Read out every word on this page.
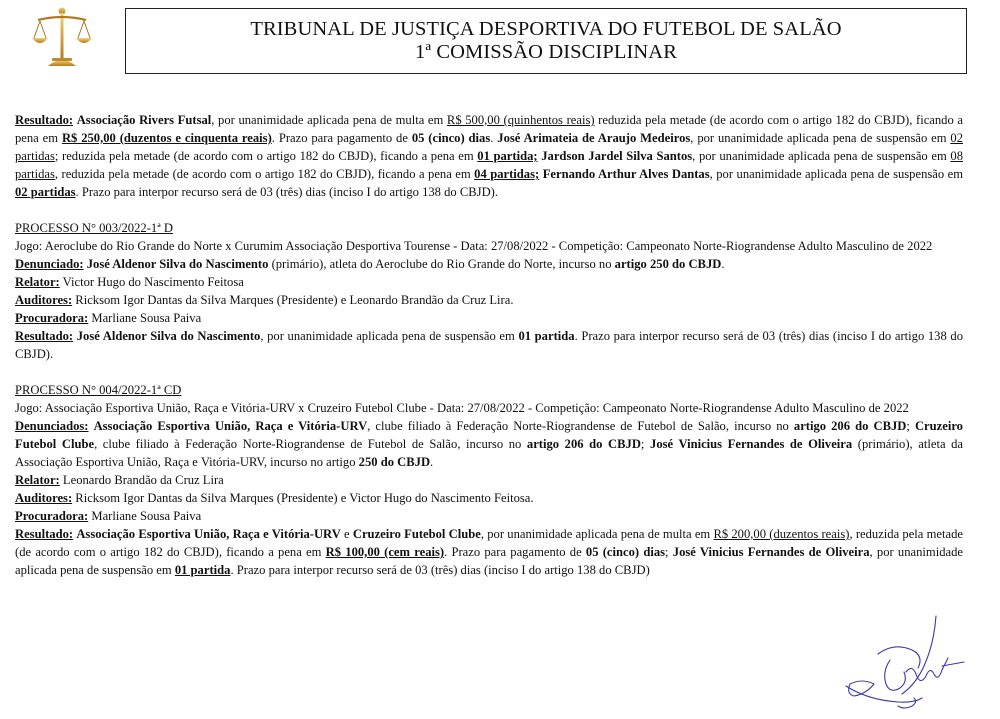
TRIBUNAL DE JUSTIÇA DESPORTIVA DO FUTEBOL DE SALÃO
1ª COMISSÃO DISCIPLINAR

Resultado: Associação Rivers Futsal, por unanimidade aplicada pena de multa em R$ 500,00 (quinhentos reais) reduzida pela metade (de acordo com o artigo 182 do CBJD), ficando a pena em R$ 250,00 (duzentos e cinquenta reais). Prazo para pagamento de 05 (cinco) dias. José Arimateia de Araujo Medeiros, por unanimidade aplicada pena de suspensão em 02 partidas; reduzida pela metade (de acordo com o artigo 182 do CBJD), ficando a pena em 01 partida; Jardson Jardel Silva Santos, por unanimidade aplicada pena de suspensão em 08 partidas, reduzida pela metade (de acordo com o artigo 182 do CBJD), ficando a pena em 04 partidas; Fernando Arthur Alves Dantas, por unanimidade aplicada pena de suspensão em 02 partidas. Prazo para interpor recurso será de 03 (três) dias (inciso I do artigo 138 do CBJD).

PROCESSO N° 003/2022-1ª D

Jogo: Aeroclube do Rio Grande do Norte x Curumim Associação Desportiva Tourense - Data: 27/08/2022 - Competição: Campeonato Norte-Riograndense Adulto Masculino de 2022

Denunciado: José Aldenor Silva do Nascimento (primário), atleta do Aeroclube do Rio Grande do Norte, incurso no artigo 250 do CBJD.

Relator: Victor Hugo do Nascimento Feitosa

Auditores: Ricksom Igor Dantas da Silva Marques (Presidente) e Leonardo Brandão da Cruz Lira.

Procuradora: Marliane Sousa Paiva

Resultado: José Aldenor Silva do Nascimento, por unanimidade aplicada pena de suspensão em 01 partida. Prazo para interpor recurso será de 03 (três) dias (inciso I do artigo 138 do CBJD).

PROCESSO N° 004/2022-1ª CD

Jogo: Associação Esportiva União, Raça e Vitória-URV x Cruzeiro Futebol Clube - Data: 27/08/2022 - Competição: Campeonato Norte-Riograndense Adulto Masculino de 2022

Denunciados: Associação Esportiva União, Raça e Vitória-URV, clube filiado à Federação Norte-Riograndense de Futebol de Salão, incurso no artigo 206 do CBJD; Cruzeiro Futebol Clube, clube filiado à Federação Norte-Riograndense de Futebol de Salão, incurso no artigo 206 do CBJD; José Vinicius Fernandes de Oliveira (primário), atleta da Associação Esportiva União, Raça e Vitória-URV, incurso no artigo 250 do CBJD.

Relator: Leonardo Brandão da Cruz Lira

Auditores: Ricksom Igor Dantas da Silva Marques (Presidente) e Victor Hugo do Nascimento Feitosa.

Procuradora: Marliane Sousa Paiva

Resultado: Associação Esportiva União, Raça e Vitória-URV e Cruzeiro Futebol Clube, por unanimidade aplicada pena de multa em R$ 200,00 (duzentos reais), reduzida pela metade (de acordo com o artigo 182 do CBJD), ficando a pena em R$ 100,00 (cem reais). Prazo para pagamento de 05 (cinco) dias; José Vinicius Fernandes de Oliveira, por unanimidade aplicada pena de suspensão em 01 partida. Prazo para interpor recurso será de 03 (três) dias (inciso I do artigo 138 do CBJD)
